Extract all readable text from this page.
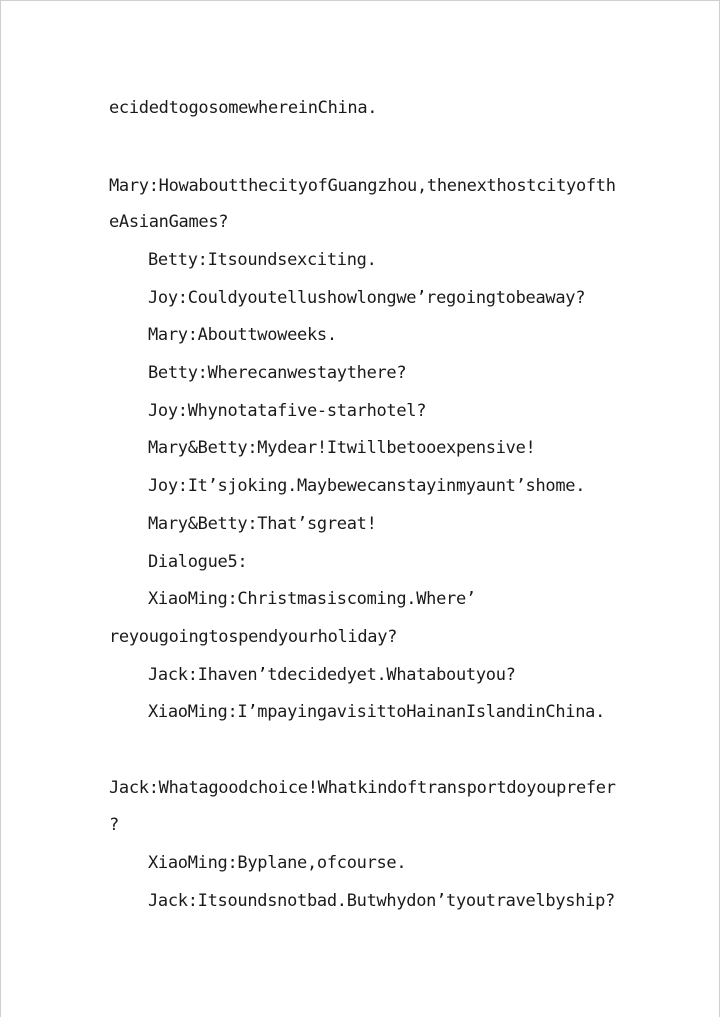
ecidedtogosomewhereinChina.
Mary:HowaboutthecityofGuangzhou,thenexthostcityofth
eAsianGames?
Betty:Itsoundsexciting.
Joy:Couldyoutellushowlongwe’regoingtobeaway?
Mary:Abouttwoweeks.
Betty:Wherecanwestaythere?
Joy:Whynotatafive-starhotel?
Mary&Betty:Mydear!Itwillbetooexpensive!
Joy:It’sjoking.Maybewecanstayinmyaunt’shome.
Mary&Betty:That’sgreat!
Dialogue5:
XiaoMing:Christmasiscoming.Where’
reyougoingtospendyourholiday?
Jack:Ihaven’tdecidedyet.Whataboutyou?
XiaoMing:I’mpayingavisittoHainanIslandinChina.
Jack:Whatagoodchoice!Whatkindoftransportdoyouprefer
?
XiaoMing:Byplane,ofcourse.
Jack:Itsoundsnotbad.Butwhydon’tyoutravelbyship?
